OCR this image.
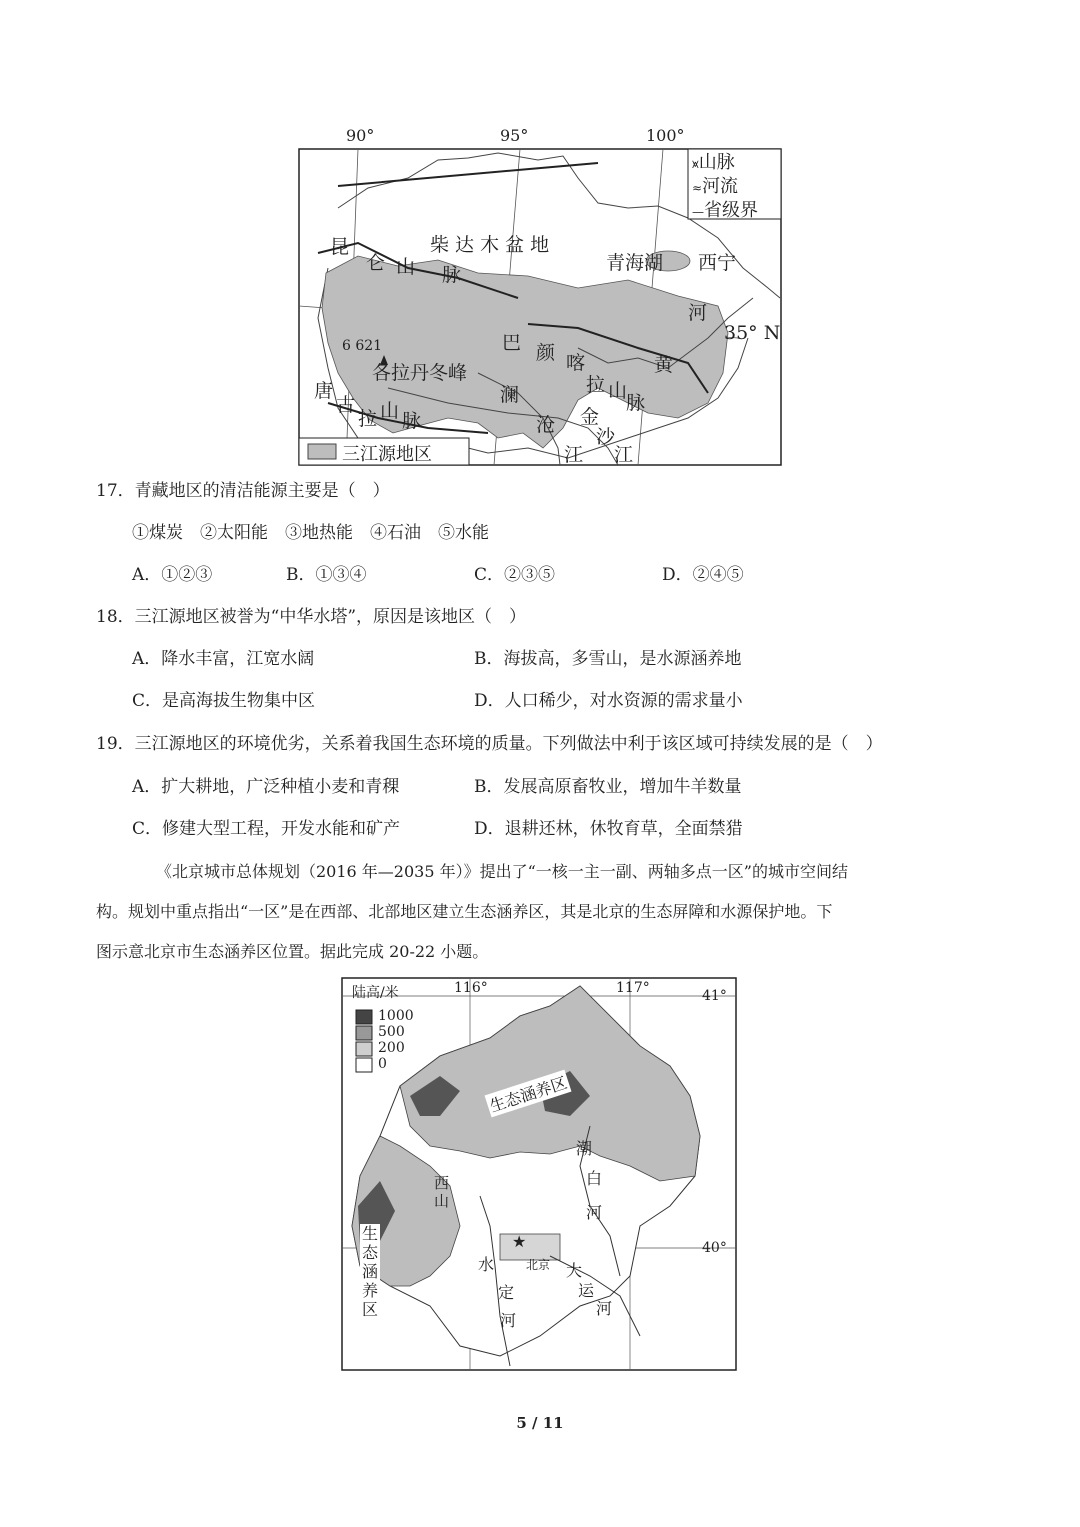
90°	95°	100°
⩙山脉
≈河流
—省级界
三江源地区
柴 达 木 盆 地
昆
仑 山 脉
青海湖 西宁
河
35° N
黄
6 621
各拉丹冬峰
唐
古
拉 山 脉
巴 颜 喀
拉 山
脉
澜
沧
江
金
沙
江
17．青藏地区的清洁能源主要是（　）
①煤炭　②太阳能　③地热能　④石油　⑤水能
A．①②③	B．①③④	C．②③⑤	D．②④⑤
18．三江源地区被誉为“中华水塔”，原因是该地区（　）
A．降水丰富，江宽水阔	B．海拔高，多雪山，是水源涵养地
C．是高海拔生物集中区	D．人口稀少，对水资源的需求量小
19．三江源地区的环境优劣，关系着我国生态环境的质量。下列做法中利于该区域可持续发展的是（　）
A．扩大耕地，广泛种植小麦和青稞	B．发展高原畜牧业，增加牛羊数量
C．修建大型工程，开发水能和矿产	D．退耕还林，休牧育草，全面禁猎
《北京城市总体规划（2016 年—2035 年）》提出了“一核一主一副、两轴多点一区”的城市空间结
构。规划中重点指出“一区”是在西部、北部地区建立生态涵养区，其是北京的生态屏障和水源保护地。下
图示意北京市生态涵养区位置。据此完成 20-22 小题。
陆高/米
1000
500
200
0
116°	117°	41°
40°
生态涵养区
西
山
生
态
涵
养
区
潮
白
河
水
定
河
★
北京 大
运
河
5 / 11
